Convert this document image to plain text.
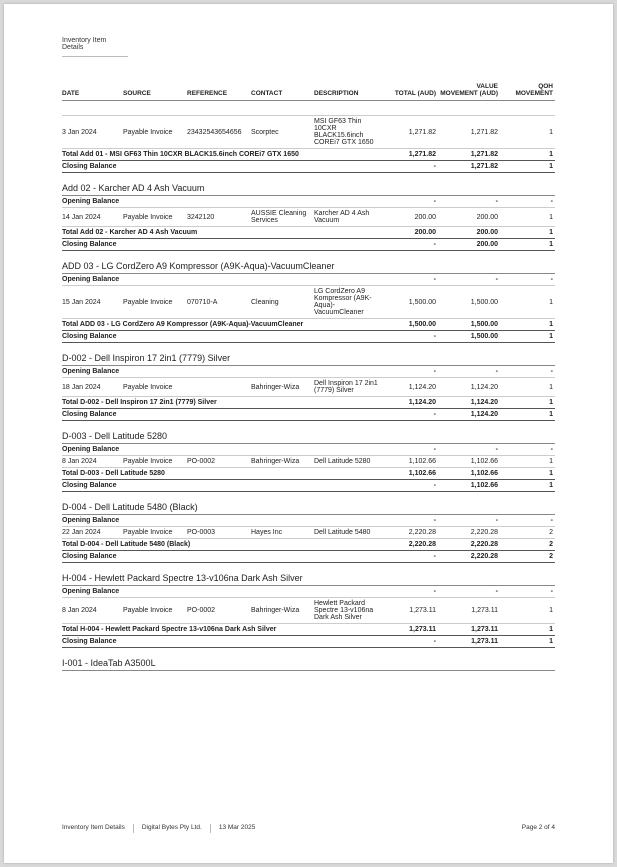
Inventory Item Details
DATE	SOURCE	REFERENCE	CONTACT	DESCRIPTION	TOTAL (AUD)	VALUE MOVEMENT (AUD)	QOH MOVEMENT

3 Jan 2024	Payable Invoice	23432543654656	Scorptec	MSI GF63 Thin 10CXR BLACK15.6inch COREi7 GTX 1650	1,271.82	1,271.82	1
Total Add 01 - MSI GF63 Thin 10CXR BLACK15.6inch COREi7 GTX 1650					1,271.82	1,271.82	1
Closing Balance					-	1,271.82	1
Add 02 - Karcher AD 4 Ash Vacuum							
Opening Balance					-	-	-
14 Jan 2024	Payable Invoice	3242120	AUSSIE Cleaning Services	Karcher AD 4 Ash Vacuum	200.00	200.00	1
Total Add 02 - Karcher AD 4 Ash Vacuum					200.00	200.00	1
Closing Balance					-	200.00	1
ADD 03 - LG CordZero A9 Kompressor (A9K-Aqua)-VacuumCleaner							
Opening Balance					-	-	-
15 Jan 2024	Payable Invoice	070710-A	Cleaning	LG CordZero A9 Kompressor (A9K-Aqua)-VacuumCleaner	1,500.00	1,500.00	1
Total ADD 03 - LG CordZero A9 Kompressor (A9K-Aqua)-VacuumCleaner					1,500.00	1,500.00	1
Closing Balance					-	1,500.00	1
D-002 - Dell Inspiron 17 2in1 (7779) Silver							
Opening Balance					-	-	-
18 Jan 2024	Payable Invoice		Bahringer-Wiza	Dell Inspiron 17 2in1 (7779) Silver	1,124.20	1,124.20	1
Total D-002 - Dell Inspiron 17 2in1 (7779) Silver					1,124.20	1,124.20	1
Closing Balance					-	1,124.20	1
D-003 - Dell Latitude 5280							
Opening Balance					-	-	-
8 Jan 2024	Payable Invoice	PO-0002	Bahringer-Wiza	Dell Latitude 5280	1,102.66	1,102.66	1
Total D-003 - Dell Latitude 5280					1,102.66	1,102.66	1
Closing Balance					-	1,102.66	1
D-004 - Dell Latitude 5480 (Black)							
Opening Balance					-	-	-
22 Jan 2024	Payable Invoice	PO-0003	Hayes Inc	Dell Latitude 5480	2,220.28	2,220.28	2
Total D-004 - Dell Latitude 5480 (Black)					2,220.28	2,220.28	2
Closing Balance					-	2,220.28	2
H-004 - Hewlett Packard Spectre 13-v106na Dark Ash Silver							
Opening Balance					-	-	-
8 Jan 2024	Payable Invoice	PO-0002	Bahringer-Wiza	Hewlett Packard Spectre 13-v106na Dark Ash Silver	1,273.11	1,273.11	1
Total H-004 - Hewlett Packard Spectre 13-v106na Dark Ash Silver					1,273.11	1,273.11	1
Closing Balance					-	1,273.11	1
I-001 - IdeaTab A3500L							
Inventory Item Details	Digital Bytes Pty Ltd.	13 Mar 2025	Page 2 of 4
